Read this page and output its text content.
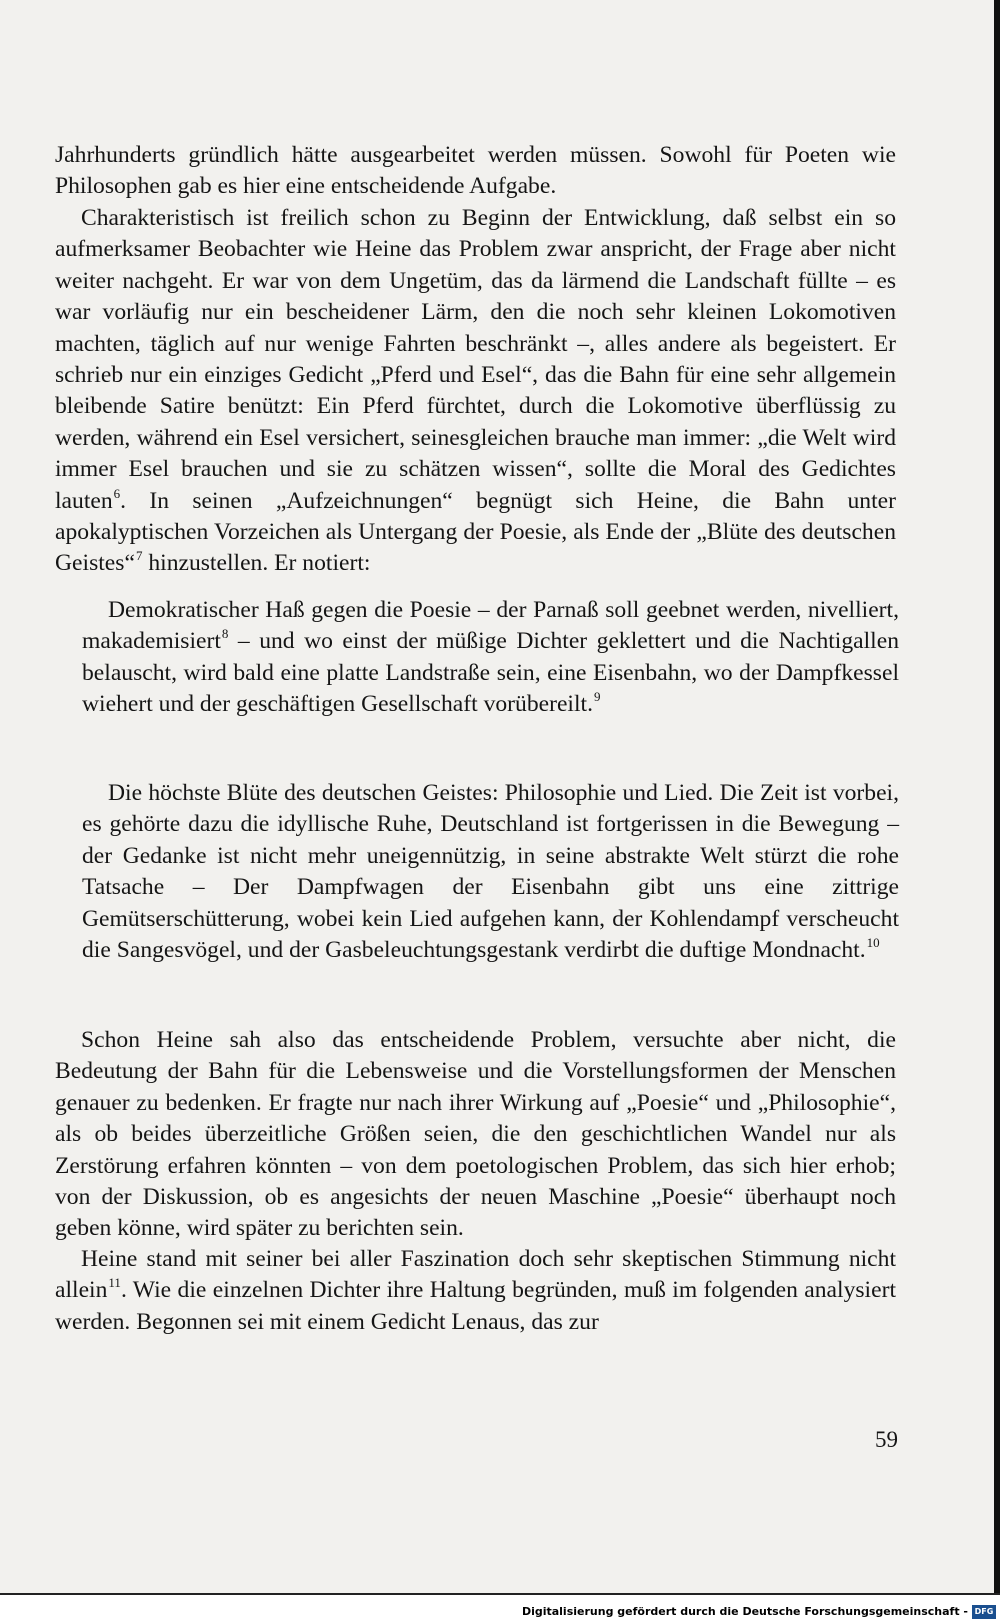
Jahrhunderts gründlich hätte ausgearbeitet werden müssen. Sowohl für Poeten wie Philosophen gab es hier eine entscheidende Aufgabe.

Charakteristisch ist freilich schon zu Beginn der Entwicklung, daß selbst ein so aufmerksamer Beobachter wie Heine das Problem zwar anspricht, der Frage aber nicht weiter nachgeht. Er war von dem Ungetüm, das da lärmend die Landschaft füllte – es war vorläufig nur ein bescheidener Lärm, den die noch sehr kleinen Lokomotiven machten, täglich auf nur wenige Fahrten beschränkt –, alles andere als begeistert. Er schrieb nur ein einziges Gedicht „Pferd und Esel“, das die Bahn für eine sehr allgemein bleibende Satire benützt: Ein Pferd fürchtet, durch die Lokomotive überflüssig zu werden, während ein Esel versichert, seinesgleichen brauche man immer: „die Welt wird immer Esel brauchen und sie zu schätzen wissen“, sollte die Moral des Gedichtes lauten$^6$. In seinen „Aufzeichnungen“ begnügt sich Heine, die Bahn unter apokalyptischen Vorzeichen als Untergang der Poesie, als Ende der „Blüte des deutschen Geistes“$^7$ hinzustellen. Er notiert:

Demokratischer Haß gegen die Poesie – der Parnaß soll geebnet werden, nivelliert, makademisiert$^8$ – und wo einst der müßige Dichter geklettert und die Nachtigallen belauscht, wird bald eine platte Landstraße sein, eine Eisenbahn, wo der Dampfkessel wiehert und der geschäftigen Gesellschaft vorübereilt.$^9$

Die höchste Blüte des deutschen Geistes: Philosophie und Lied. Die Zeit ist vorbei, es gehörte dazu die idyllische Ruhe, Deutschland ist fortgerissen in die Bewegung – der Gedanke ist nicht mehr uneigennützig, in seine abstrakte Welt stürzt die rohe Tatsache – Der Dampfwagen der Eisenbahn gibt uns eine zittrige Gemütserschütterung, wobei kein Lied aufgehen kann, der Kohlendampf verscheucht die Sangesvögel, und der Gasbeleuchtungsgestank verdirbt die duftige Mondnacht.$^{10}$

Schon Heine sah also das entscheidende Problem, versuchte aber nicht, die Bedeutung der Bahn für die Lebensweise und die Vorstellungsformen der Menschen genauer zu bedenken. Er fragte nur nach ihrer Wirkung auf „Poesie“ und „Philosophie“, als ob beides überzeitliche Größen seien, die den geschichtlichen Wandel nur als Zerstörung erfahren könnten – von dem poetologischen Problem, das sich hier erhob; von der Diskussion, ob es angesichts der neuen Maschine „Poesie“ überhaupt noch geben könne, wird später zu berichten sein.

Heine stand mit seiner bei aller Faszination doch sehr skeptischen Stimmung nicht allein$^{11}$. Wie die einzelnen Dichter ihre Haltung begründen, muß im folgenden analysiert werden. Begonnen sei mit einem Gedicht Lenaus, das zur

59

Digitalisierung gefördert durch die Deutsche Forschungsgemeinschaft - DFG
